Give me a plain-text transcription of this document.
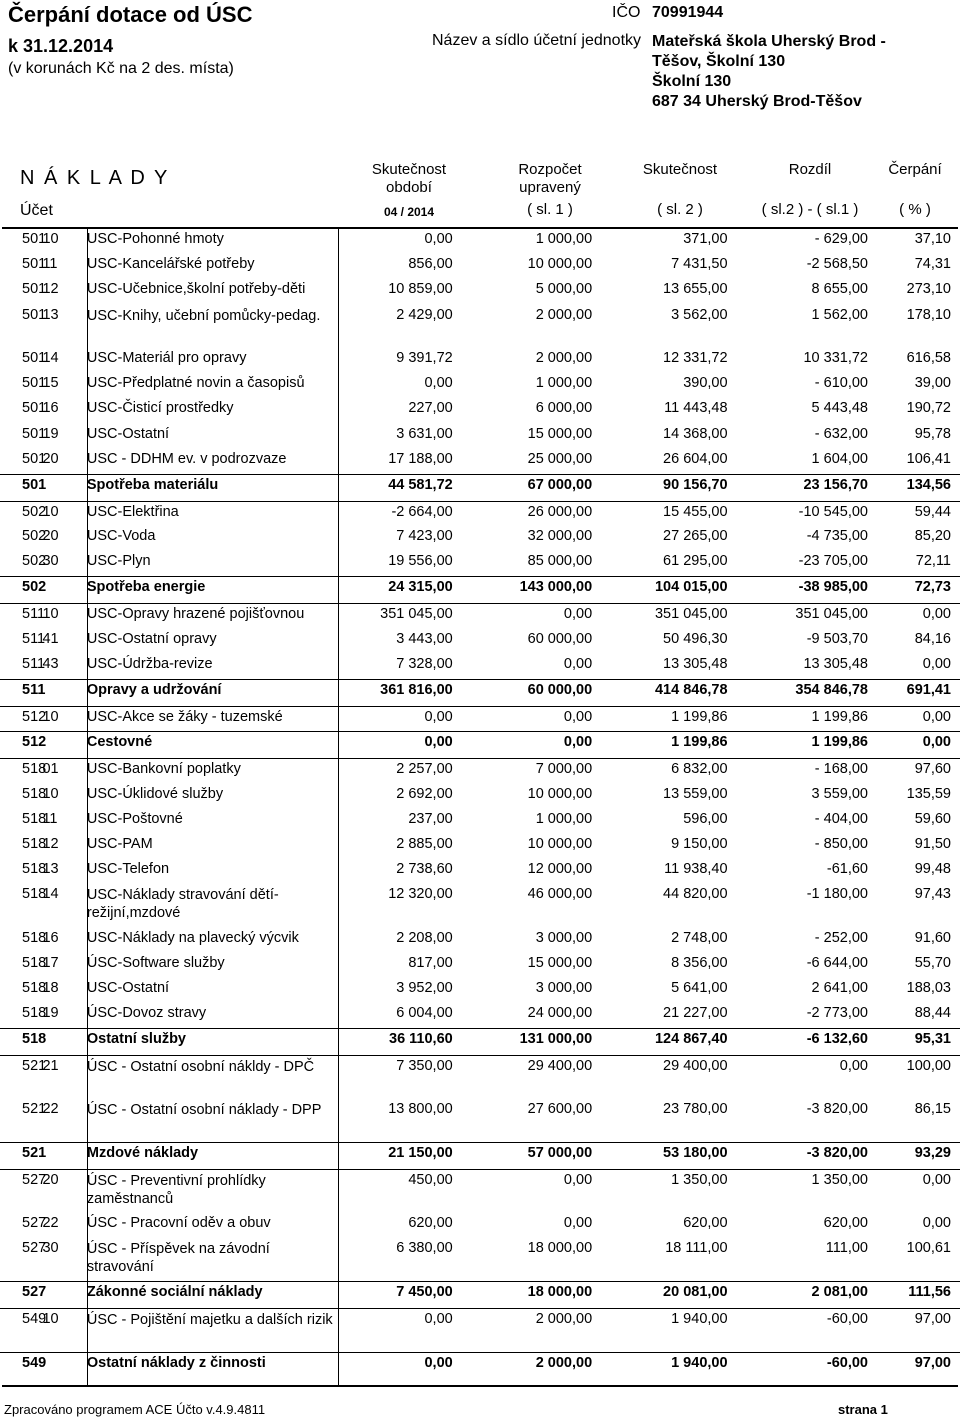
Čerpání dotace od ÚSC
k 31.12.2014
(v korunách Kč na 2 des. místa)
IČO 70991944
Název a sídlo účetní jednotky Mateřská škola Uherský Brod -
Těšov, Školní 130
Školní 130
687 34 Uherský Brod-Těšov
N Á K L A D Y
Účet
Skutečnost
období
04 / 2014
Rozpočet
upravený
( sl. 1 )
Skutečnost
( sl. 2 )
Rozdíl
( sl.2 ) - ( sl.1 )
Čerpání
( % )
501	10	USC-Pohonné hmoty	0,00	1 000,00	371,00	- 629,00	37,10
501	11	USC-Kancelářské potřeby	856,00	10 000,00	7 431,50	-2 568,50	74,31
501	12	USC-Učebnice,školní potřeby-děti	10 859,00	5 000,00	13 655,00	8 655,00	273,10
501	13	USC-Knihy, učební pomůcky-pedag.	2 429,00	2 000,00	3 562,00	1 562,00	178,10
501	14	USC-Materiál pro opravy	9 391,72	2 000,00	12 331,72	10 331,72	616,58
501	15	USC-Předplatné novin a časopisů	0,00	1 000,00	390,00	- 610,00	39,00
501	16	USC-Čisticí prostředky	227,00	6 000,00	11 443,48	5 443,48	190,72
501	19	USC-Ostatní	3 631,00	15 000,00	14 368,00	- 632,00	95,78
501	20	USC - DDHM ev. v podrozvaze	17 188,00	25 000,00	26 604,00	1 604,00	106,41
501		Spotřeba materiálu	44 581,72	67 000,00	90 156,70	23 156,70	134,56
502	10	USC-Elektřina	-2 664,00	26 000,00	15 455,00	-10 545,00	59,44
502	20	USC-Voda	7 423,00	32 000,00	27 265,00	-4 735,00	85,20
502	30	USC-Plyn	19 556,00	85 000,00	61 295,00	-23 705,00	72,11
502		Spotřeba energie	24 315,00	143 000,00	104 015,00	-38 985,00	72,73
511	10	USC-Opravy hrazené pojišťovnou	351 045,00	0,00	351 045,00	351 045,00	0,00
511	41	USC-Ostatní opravy	3 443,00	60 000,00	50 496,30	-9 503,70	84,16
511	43	USC-Údržba-revize	7 328,00	0,00	13 305,48	13 305,48	0,00
511		Opravy a udržování	361 816,00	60 000,00	414 846,78	354 846,78	691,41
512	10	USC-Akce se žáky - tuzemské	0,00	0,00	1 199,86	1 199,86	0,00
512		Cestovné	0,00	0,00	1 199,86	1 199,86	0,00
518	01	USC-Bankovní poplatky	2 257,00	7 000,00	6 832,00	- 168,00	97,60
518	10	USC-Úklidové služby	2 692,00	10 000,00	13 559,00	3 559,00	135,59
518	11	USC-Poštovné	237,00	1 000,00	596,00	- 404,00	59,60
518	12	USC-PAM	2 885,00	10 000,00	9 150,00	- 850,00	91,50
518	13	USC-Telefon	2 738,60	12 000,00	11 938,40	-61,60	99,48
518	14	USC-Náklady stravování dětí-režijní,mzdové	12 320,00	46 000,00	44 820,00	-1 180,00	97,43
518	16	USC-Náklady na plavecký výcvik	2 208,00	3 000,00	2 748,00	- 252,00	91,60
518	17	ÚSC-Software služby	817,00	15 000,00	8 356,00	-6 644,00	55,70
518	18	USC-Ostatní	3 952,00	3 000,00	5 641,00	2 641,00	188,03
518	19	ÚSC-Dovoz stravy	6 004,00	24 000,00	21 227,00	-2 773,00	88,44
518		Ostatní služby	36 110,60	131 000,00	124 867,40	-6 132,60	95,31
521	21	ÚSC - Ostatní osobní nákldy - DPČ	7 350,00	29 400,00	29 400,00	0,00	100,00
521	22	ÚSC - Ostatní osobní náklady - DPP	13 800,00	27 600,00	23 780,00	-3 820,00	86,15
521		Mzdové náklady	21 150,00	57 000,00	53 180,00	-3 820,00	93,29
527	20	ÚSC - Preventivní prohlídky zaměstnanců	450,00	0,00	1 350,00	1 350,00	0,00
527	22	ÚSC - Pracovní oděv a obuv	620,00	0,00	620,00	620,00	0,00
527	30	ÚSC - Příspěvek na závodní stravování	6 380,00	18 000,00	18 111,00	111,00	100,61
527		Zákonné sociální náklady	7 450,00	18 000,00	20 081,00	2 081,00	111,56
549	10	ÚSC - Pojištění majetku a dalších rizik	0,00	2 000,00	1 940,00	-60,00	97,00
549		Ostatní náklady z činnosti	0,00	2 000,00	1 940,00	-60,00	97,00
Zpracováno programem ACE Účto v.4.9.4811	strana 1
